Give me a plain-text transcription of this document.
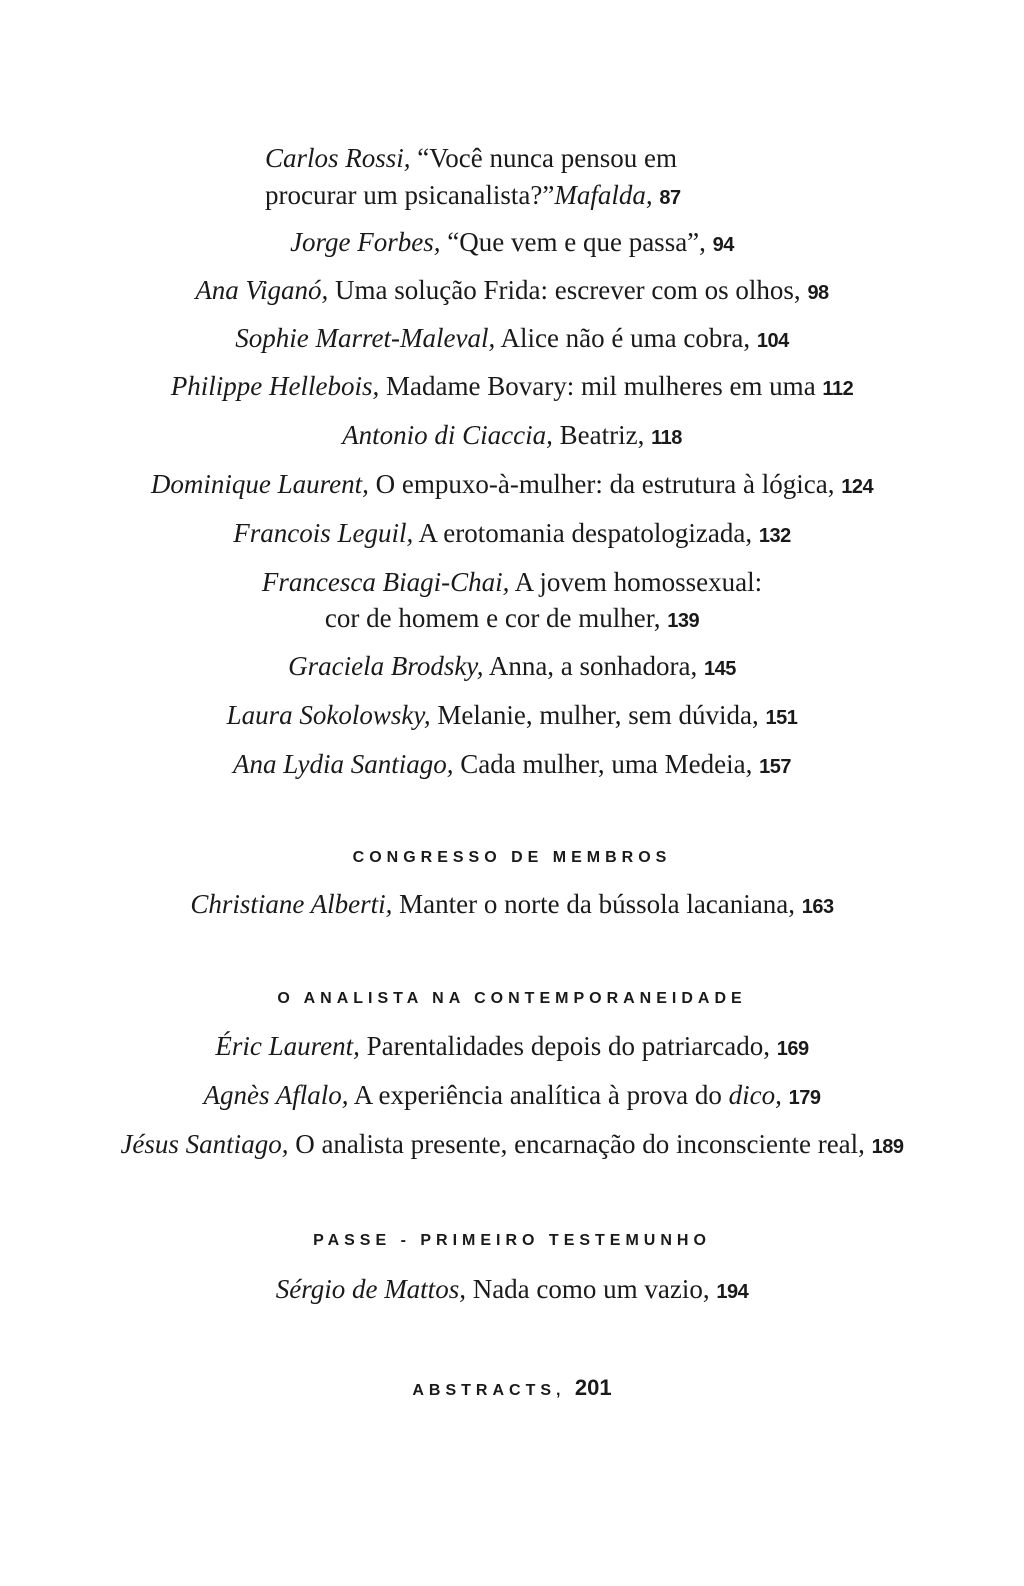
Carlos Rossi, “Você nunca pensou em
procurar um psicanalista?”Mafalda, 87
Jorge Forbes, “Que vem e que passa”, 94
Ana Viganó, Uma solução Frida: escrever com os olhos, 98
Sophie Marret-Maleval, Alice não é uma cobra, 104
Philippe Hellebois, Madame Bovary: mil mulheres em uma 112
Antonio di Ciaccia, Beatriz, 118
Dominique Laurent, O empuxo-à-mulher: da estrutura à lógica, 124
Francois Leguil, A erotomania despatologizada, 132
Francesca Biagi-Chai, A jovem homossexual:
cor de homem e cor de mulher, 139
Graciela Brodsky, Anna, a sonhadora, 145
Laura Sokolowsky, Melanie, mulher, sem dúvida, 151
Ana Lydia Santiago, Cada mulher, uma Medeia, 157
CONGRESSO DE MEMBROS
Christiane Alberti, Manter o norte da bússola lacaniana, 163
O ANALISTA NA CONTEMPORANEIDADE
Éric Laurent, Parentalidades depois do patriarcado, 169
Agnès Aflalo, A experiência analítica à prova do dico, 179
Jésus Santiago, O analista presente, encarnação do inconsciente real, 189
PASSE - PRIMEIRO TESTEMUNHO
Sérgio de Mattos, Nada como um vazio, 194
ABSTRACTS, 201
